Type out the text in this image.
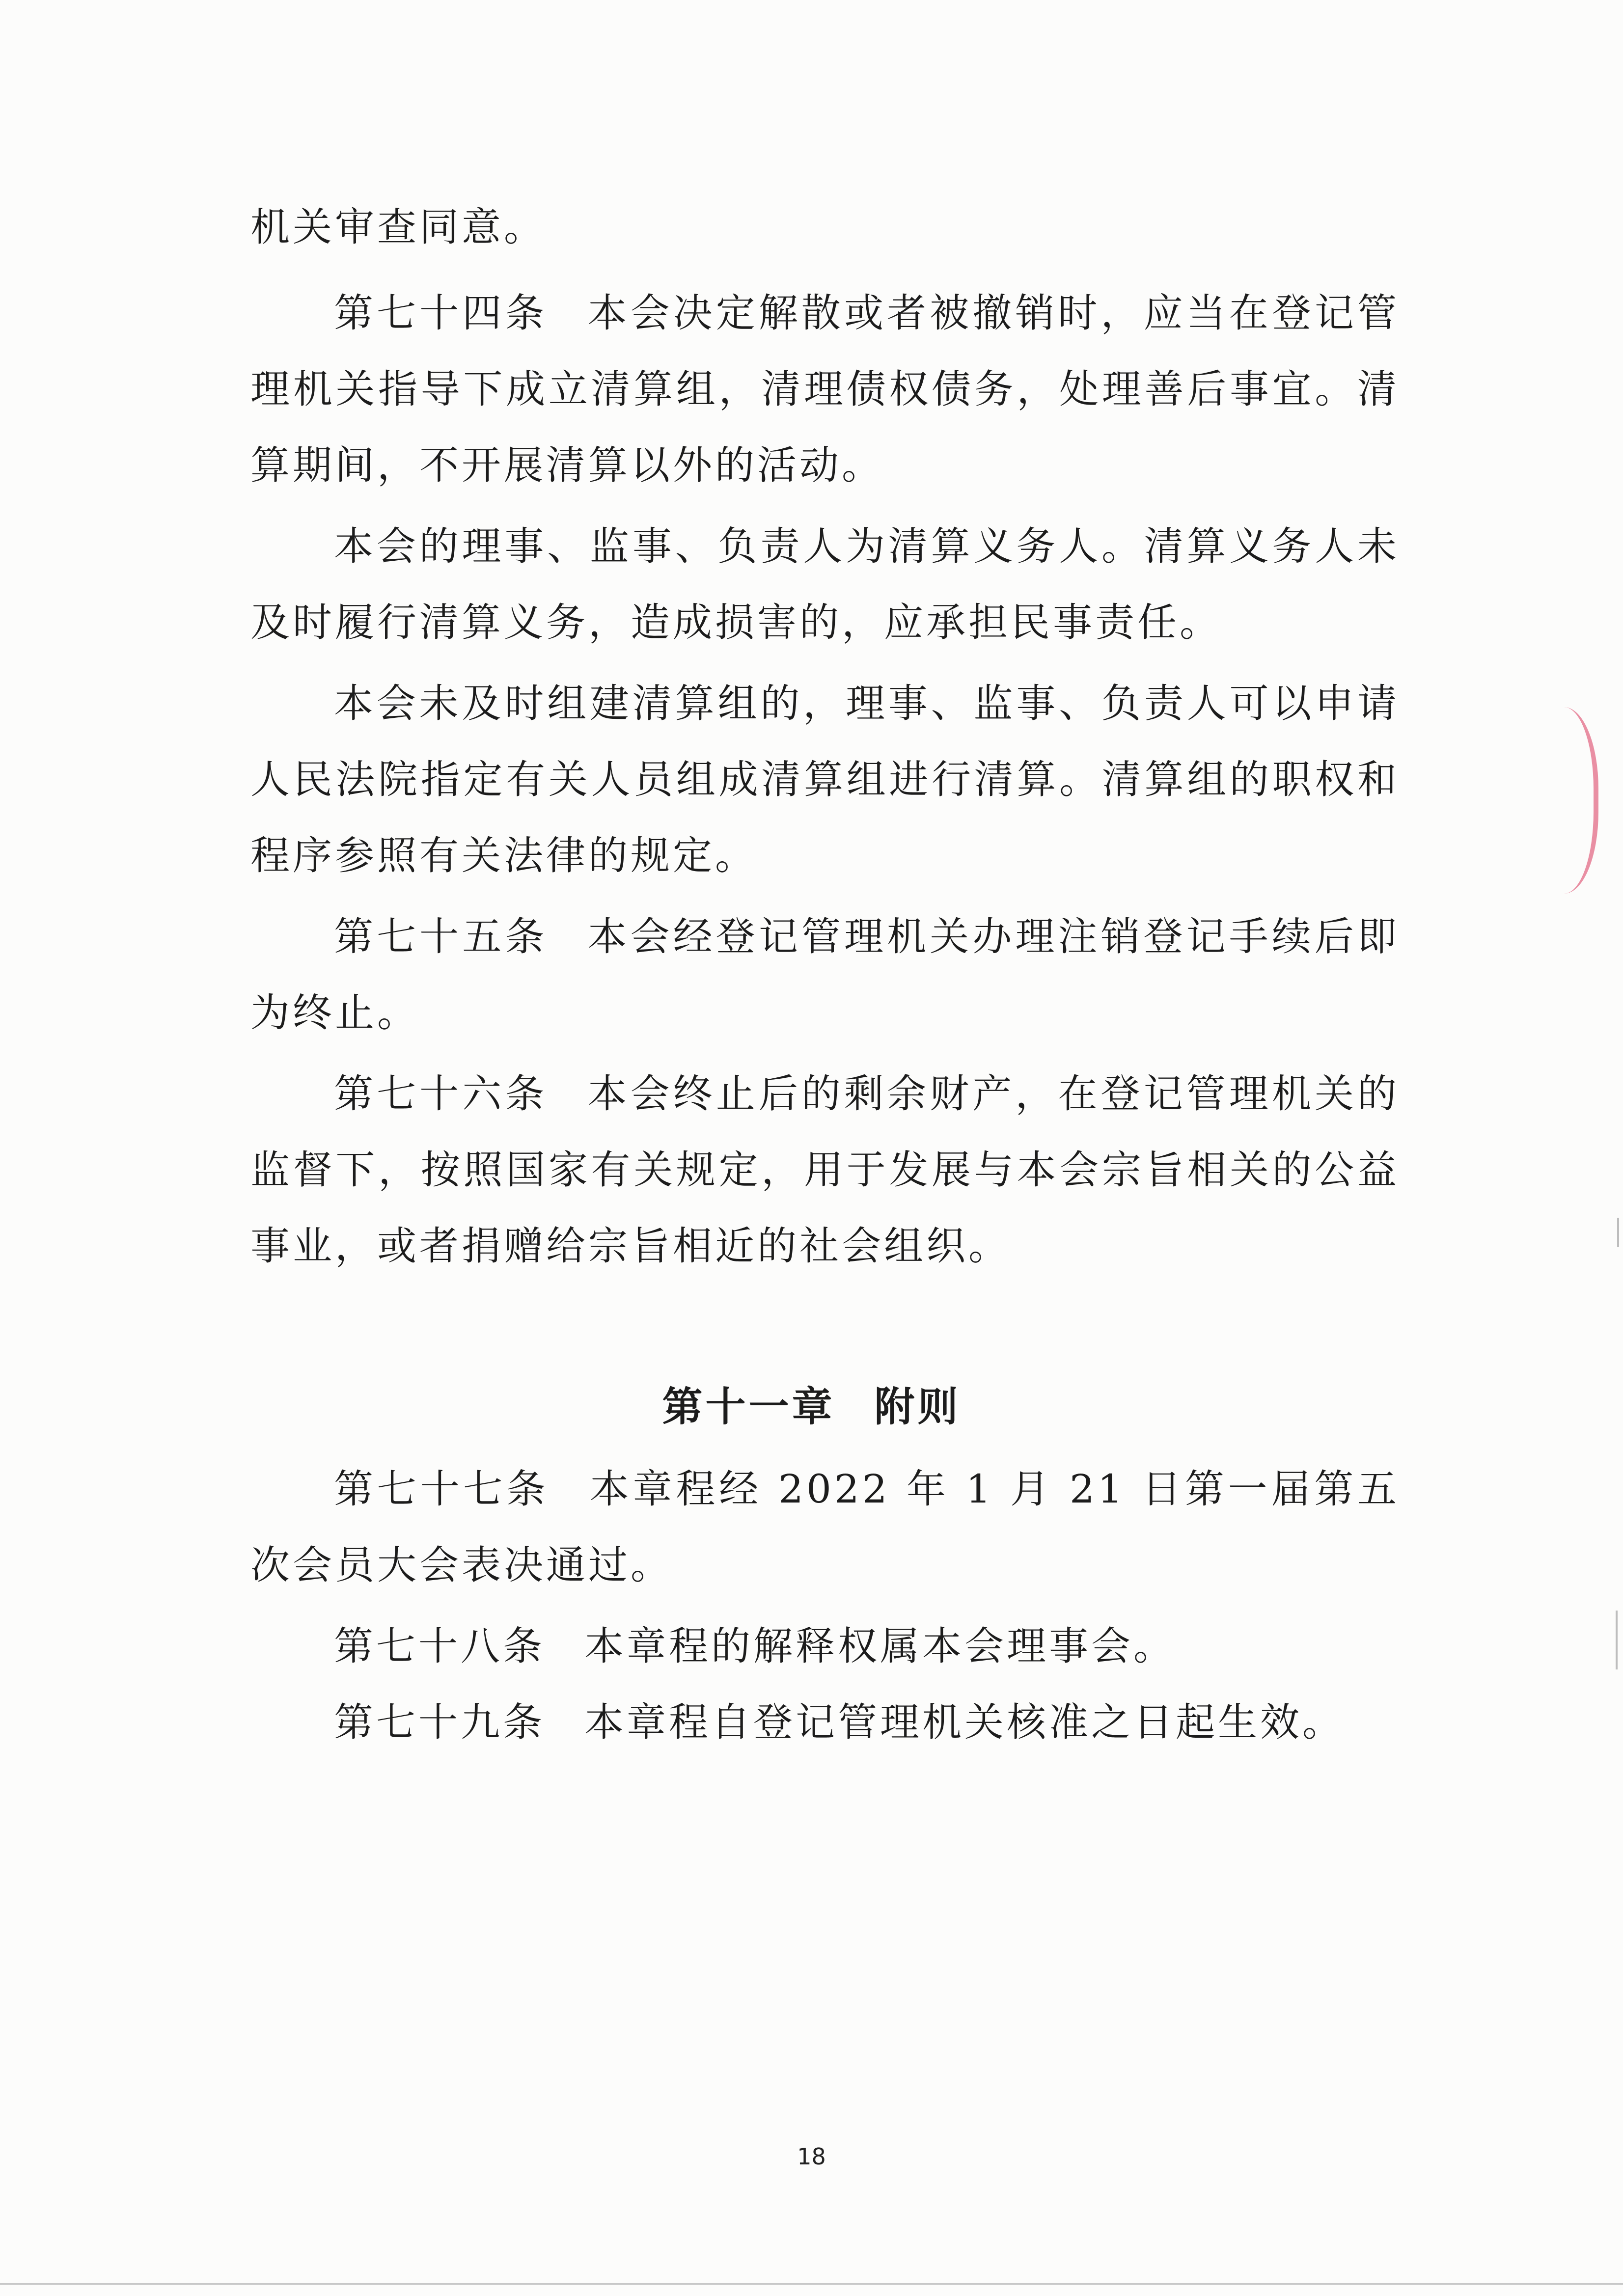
机关审查同意。

第七十四条 本会决定解散或者被撤销时，应当在登记管理机关指导下成立清算组，清理债权债务，处理善后事宜。清算期间，不开展清算以外的活动。

本会的理事、监事、负责人为清算义务人。清算义务人未及时履行清算义务，造成损害的，应承担民事责任。

本会未及时组建清算组的，理事、监事、负责人可以申请人民法院指定有关人员组成清算组进行清算。清算组的职权和程序参照有关法律的规定。

第七十五条 本会经登记管理机关办理注销登记手续后即为终止。

第七十六条 本会终止后的剩余财产，在登记管理机关的监督下，按照国家有关规定，用于发展与本会宗旨相关的公益事业，或者捐赠给宗旨相近的社会组织。

第十一章 附则

第七十七条 本章程经 2022 年 1 月 21 日第一届第五次会员大会表决通过。

第七十八条 本章程的解释权属本会理事会。

第七十九条 本章程自登记管理机关核准之日起生效。

18
